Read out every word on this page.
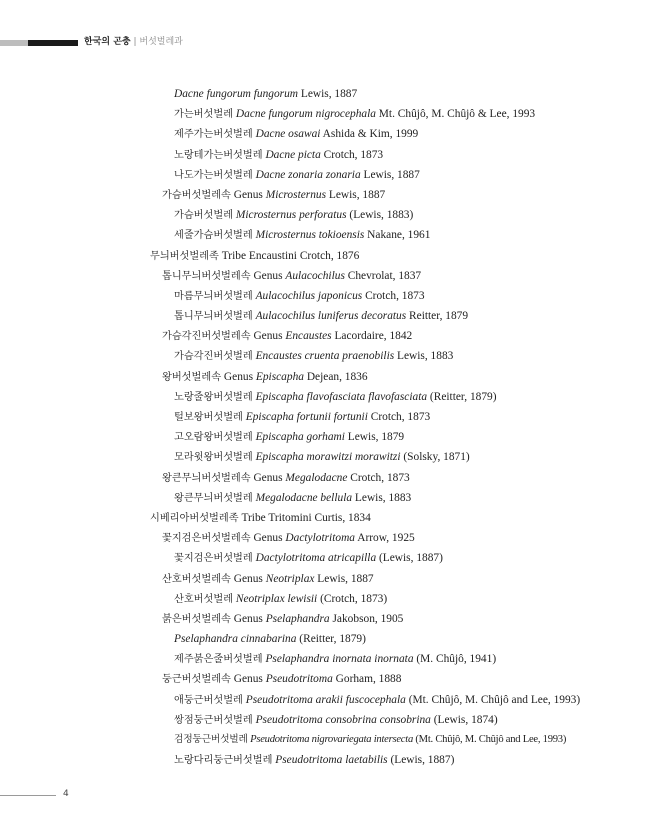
한국의 곤충 | 버섯벌레과
Dacne fungorum fungorum Lewis, 1887
가는버섯벌레 Dacne fungorum nigrocephala Mt. Chûjô, M. Chûjô & Lee, 1993
제주가는버섯벌레 Dacne osawai Ashida & Kim, 1999
노랑테가는버섯벌레 Dacne picta Crotch, 1873
나도가는버섯벌레 Dacne zonaria zonaria Lewis, 1887
가슴버섯벌레속 Genus Microsternus Lewis, 1887
가슴버섯벌레 Microsternus perforatus (Lewis, 1883)
세줄가슴버섯벌레 Microsternus tokioensis Nakane, 1961
무늬버섯벌레족 Tribe Encaustini Crotch, 1876
톱니무늬버섯벌레속 Genus Aulacochilus Chevrolat, 1837
마름무늬버섯벌레 Aulacochilus japonicus Crotch, 1873
톱니무늬버섯벌레 Aulacochilus luniferus decoratus Reitter, 1879
가슴각진버섯벌레속 Genus Encaustes Lacordaire, 1842
가슴각진버섯벌레 Encaustes cruenta praenobilis Lewis, 1883
왕버섯벌레속 Genus Episcapha Dejean, 1836
노랑줄왕버섯벌레 Episcapha flavofasciata flavofasciata (Reitter, 1879)
털보왕버섯벌레 Episcapha fortunii fortunii Crotch, 1873
고오람왕버섯벌레 Episcapha gorhami Lewis, 1879
모라윗왕버섯벌레 Episcapha morawitzi morawitzi (Solsky, 1871)
왕큰무늬버섯벌레속 Genus Megalodacne Crotch, 1873
왕큰무늬버섯벌레 Megalodacne bellula Lewis, 1883
시베리아버섯벌레족 Tribe Tritomini Curtis, 1834
꽃지검은버섯벌레속 Genus Dactylotritoma Arrow, 1925
꽃지검은버섯벌레 Dactylotritoma atricapilla (Lewis, 1887)
산호버섯벌레속 Genus Neotriplax Lewis, 1887
산호버섯벌레 Neotriplax lewisii (Crotch, 1873)
붉은버섯벌레속 Genus Pselaphandra Jakobson, 1905
Pselaphandra cinnabarina (Reitter, 1879)
제주붉은줄버섯벌레 Pselaphandra inornata inornata (M. Chûjô, 1941)
둥근버섯벌레속 Genus Pseudotritoma Gorham, 1888
애둥근버섯벌레 Pseudotritoma arakii fuscocephala (Mt. Chûjô, M. Chûjô and Lee, 1993)
쌍점둥근버섯벌레 Pseudotritoma consobrina consobrina (Lewis, 1874)
검정둥근버섯벌레 Pseudotritoma nigrovariegata intersecta (Mt. Chûjô, M. Chûjô and Lee, 1993)
노랑다리둥근버섯벌레 Pseudotritoma laetabilis (Lewis, 1887)
4
